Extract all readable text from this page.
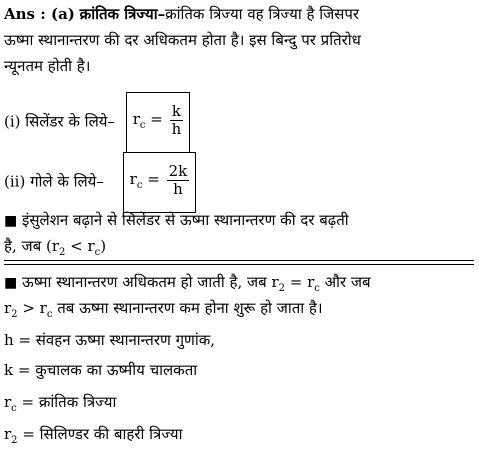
Ans : (a) क्रांतिक त्रिज्या–क्रांतिक त्रिज्या वह त्रिज्या है जिसपर
ऊष्मा स्थानान्तरण की दर अधिकतम होता है। इस बिन्दु पर प्रतिरोध
न्यूनतम होती है।
(i) सिलेंडर के लिये– $r_c = \frac{k}{h}$
(ii) गोले के लिये– $r_c = \frac{2k}{h}$
■ इंसुलेशन बढ़ाने से सिलेंडर से ऊष्मा स्थानान्तरण की दर बढ़ती
है, जब $(r_2 < r_c)$
■ ऊष्मा स्थानान्तरण अधिकतम हो जाती है, जब $r_2 = r_c$ और जब
$r_2 > r_c$ तब ऊष्मा स्थानान्तरण कम होना शुरू हो जाता है।
h = संवहन ऊष्मा स्थानान्तरण गुणांक,
k = कुचालक का ऊष्मीय चालकता
$r_c$ = क्रांतिक त्रिज्या
$r_2$ = सिलिण्डर की बाहरी त्रिज्या
